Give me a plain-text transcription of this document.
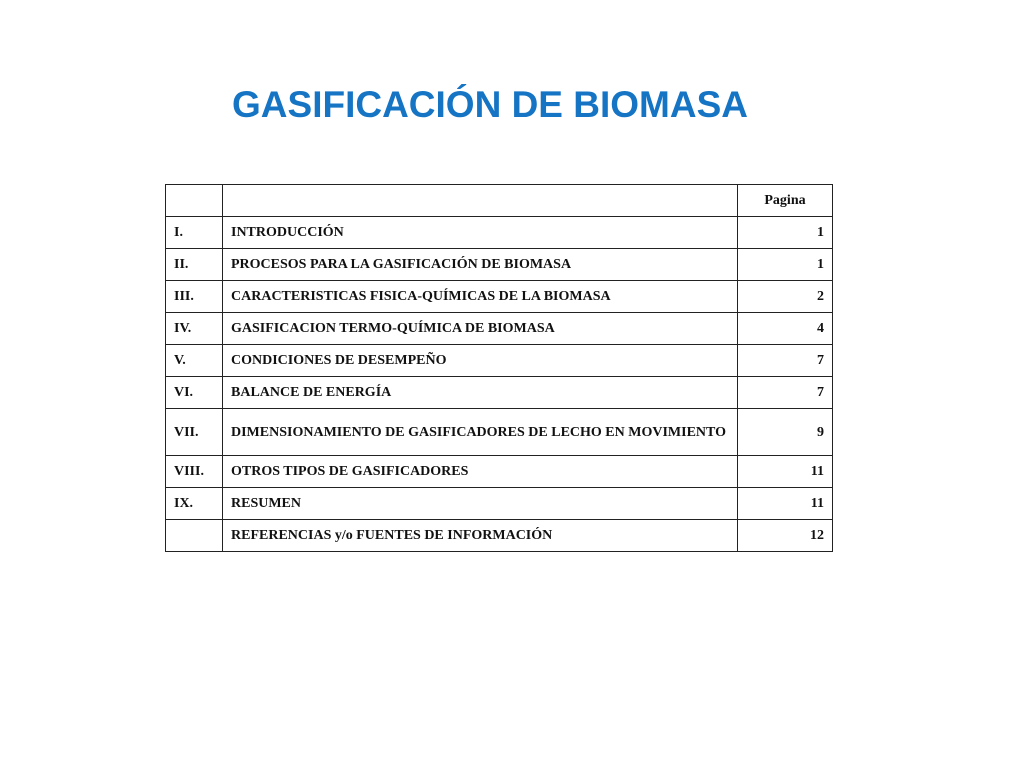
GASIFICACIÓN DE BIOMASA
		Pagina
I.	INTRODUCCIÓN	1
II.	PROCESOS PARA LA GASIFICACIÓN DE BIOMASA	1
III.	CARACTERISTICAS FISICA-QUÍMICAS DE LA BIOMASA	2
IV.	GASIFICACION TERMO-QUÍMICA DE BIOMASA	4
V.	CONDICIONES DE DESEMPEÑO	7
VI.	BALANCE DE ENERGÍA	7
VII.	DIMENSIONAMIENTO DE GASIFICADORES DE LECHO EN MOVIMIENTO	9
VIII.	OTROS TIPOS DE GASIFICADORES	11
IX.	RESUMEN	11
	REFERENCIAS y/o FUENTES DE INFORMACIÓN	12
